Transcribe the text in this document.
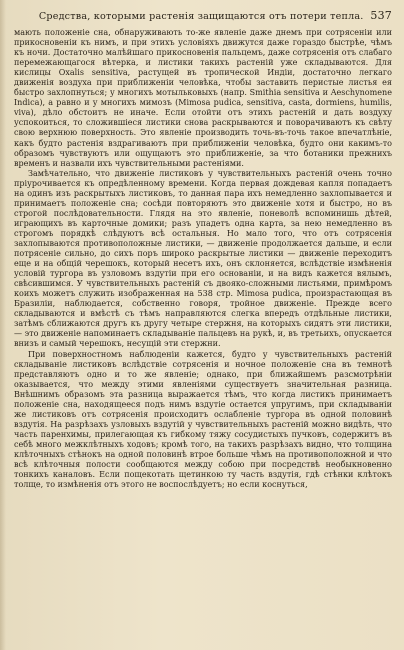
Средства, которыми растенія защищаются отъ потери тепла. 537

мають положеніе сна, обнаруживають то-же явленіе даже днемъ при сотрясеніи или прикосновеніи къ нимъ, и при этихъ условіяхъ движутся даже гораздо быстрѣе, чѣмъ къ ночи. Достаточно малѣйшаго прикосновенія пальцемъ, даже сотрясенія отъ слабаго перемежающагося вѣтерка, и листики такихъ растеній уже складываются. Для кислицы Oxalis sensitiva, растущей въ тропической Индіи, достаточно легкаго движенія воздуха при приближеніи человѣка, чтобы заставить перистые листья ея быстро захлопнуться; у многихъ мотыльковыхъ (напр. Smithia sensitiva и Aeschynomene Indica), а равно и у многихъ мимозъ (Mimosa pudica, sensitiva, casta, dormiens, humilis, viva), дѣло обстоитъ не иначе. Если отойти отъ этихъ растеній и дать воздуху успокоиться, то сложившіеся листики снова раскрываются и поворачиваютъ къ свѣту свою верхнюю поверхность. Это явленіе производить точь-въ-точь такое впечатлѣніе, какъ будто растенія вздрагиваютъ при приближеніи человѣка, будто они какимъ-то образомъ чувствуютъ или ощущаютъ это приближеніе, за что ботаники прежнихъ временъ и назвали ихъ чувствительными растеніями.

Замѣчательно, что движеніе листиковъ у чувствительныхъ растеній очень точно пріурочивается къ опредѣленному времени. Когда первая дождевая капля попадаетъ на одинъ изъ раскрытыхъ листиковъ, то данная пара ихъ немедленно захлопывается и принимаетъ положеніе сна; сосѣди повторяютъ это движеніе хотя и быстро, но въ строгой послѣдовательности. Глядя на это явленіе, поневолѣ вспоминишь дѣтей, играющихъ въ карточные домики; разъ упадетъ одна карта, за нею немедленно въ строгомъ порядкѣ слѣдуютъ всѣ остальныя. Но мало того, что отъ сотрясенія захлопываются противоположные листики, — движеніе продолжается дальше, и если потрясеніе сильно, до сихъ поръ широко раскрытые листики — движеніе переходитъ еще и на общій черешокъ, который несетъ ихъ, онъ склоняется, вслѣдствіе измѣненія условій тургора въ узловомъ вздутіи при его основаніи, и на видъ кажется вялымъ, свѣсившимся. У чувствительныхъ растеній съ двояко-сложными листьями, примѣромъ коихъ можетъ служить изображенная на 538 стр. Mimosa pudica, произрастающая въ Бразиліи, наблюдается, собственно говоря, тройное движеніе. Прежде всего складываются и вмѣстѣ съ тѣмъ направляются слегка впередъ отдѣльные листики, затѣмъ сближаются другъ къ другу четыре стержня, на которыхъ сидятъ эти листики, — это движеніе напоминаетъ складываніе пальцевъ на рукѣ, и, въ третьихъ, опускается внизъ и самый черешокъ, несущій эти стержни.

При поверхностномъ наблюденіи кажется, будто у чувствительныхъ растеній складываніе листиковъ вслѣдствіе сотрясенія и ночное положеніе сна въ темнотѣ представляютъ одно и то же явленіе; однако, при ближайшемъ разсмотрѣніи оказывается, что между этими явленіями существуетъ значительная разница. Внѣшнимъ образомъ эта разница выражается тѣмъ, что когда листикъ принимаетъ положеніе сна, находящееся подъ нимъ вздутіе остается упругимъ, при складываніи же листиковъ отъ сотрясенія происходитъ ослабленіе тургора въ одной половинѣ вздутія. На разрѣзахъ узловыхъ вздутій у чувствительныхъ растеній можно видѣть, что часть паренхимы, прилегающая къ гибкому тяжу сосудистыхъ пучковъ, содержитъ въ себѣ много межклѣтныхъ ходовъ; кромѣ того, на такихъ разрѣзахъ видно, что толщина клѣточныхъ стѣнокъ на одной половинѣ втрое больше чѣмъ на противоположной и что всѣ клѣточныя полости сообщаются между собою при посредствѣ необыкновенно тонкихъ каналовъ. Если пощекотать щетинкою ту часть вздутія, гдѣ стѣнки клѣтокъ толще, то измѣненія отъ этого не воспослѣдуетъ; но если коснуться,
